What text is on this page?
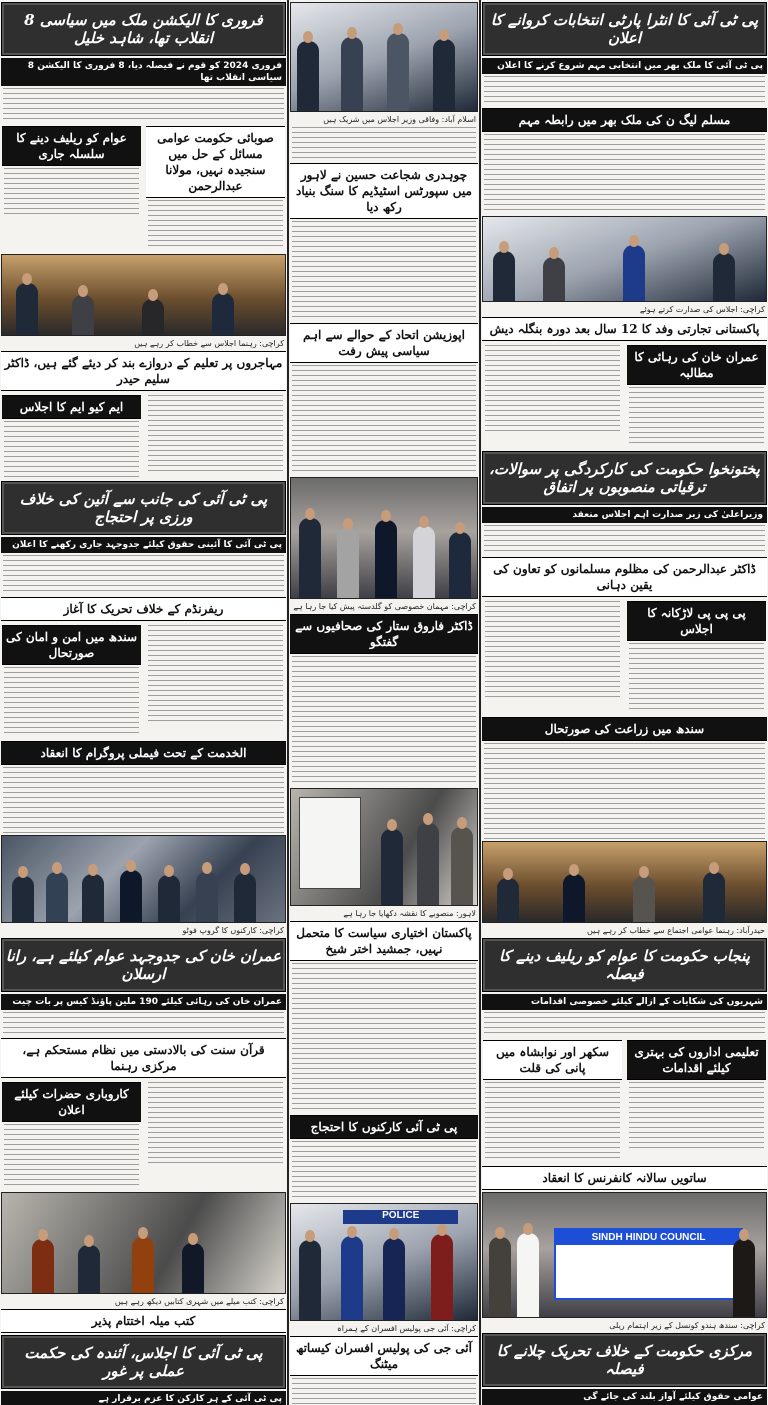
8 فروری کا الیکشن ملک میں سیاسی انقلاب تھا، شاہد خلیل
8 فروری 2024 کو قوم نے فیصلہ دیا، 8 فروری کا الیکشن سیاسی انقلاب تھا
عوام کو ریلیف دینے کا سلسلہ جاری
صوبائی حکومت عوامی مسائل کے حل میں سنجیدہ نہیں، مولانا عبدالرحمن
کراچی: رہنما اجلاس سے خطاب کر رہے ہیں
مہاجروں پر تعلیم کے دروازے بند کر دیئے گئے ہیں، ڈاکٹر سلیم حیدر
ایم کیو ایم کا اجلاس
پی ٹی آئی کی جانب سے آئین کی خلاف ورزی پر احتجاج
پی ٹی آئی کا آئینی حقوق کیلئے جدوجہد جاری رکھنے کا اعلان
ریفرنڈم کے خلاف تحریک کا آغاز
سندھ میں امن و امان کی صورتحال
الخدمت کے تحت فیملی پروگرام کا انعقاد
کراچی: کارکنوں کا گروپ فوٹو
عمران خان کی جدوجہد عوام کیلئے ہے، رانا ارسلان
عمران خان کی رہائی کیلئے 190 ملین پاؤنڈ کیس پر بات چیت
قرآن سنت کی بالادستی میں نظام مستحکم ہے، مرکزی رہنما
کاروباری حضرات کیلئے اعلان
کراچی: کتب میلے میں شہری کتابیں دیکھ رہے ہیں
کتب میلہ اختتام پذیر
پی ٹی آئی کا اجلاس، آئندہ کی حکمت عملی پر غور
پی ٹی آئی کے ہر کارکن کا عزم برقرار ہے
اسلام آباد: وفاقی وزیر اجلاس میں شریک ہیں
چوہدری شجاعت حسین نے لاہور میں سپورٹس اسٹیڈیم کا سنگ بنیاد رکھ دیا
اپوزیشن اتحاد کے حوالے سے اہم سیاسی پیش رفت
کراچی: مہمان خصوصی کو گلدستہ پیش کیا جا رہا ہے
ڈاکٹر فاروق ستار کی صحافیوں سے گفتگو
لاہور: منصوبے کا نقشہ دکھایا جا رہا ہے
پاکستان اختیاری سیاست کا متحمل نہیں، جمشید اختر شیخ
پی ٹی آئی کارکنوں کا احتجاج
POLICE
کراچی: آئی جی پولیس افسران کے ہمراہ
آئی جی کی پولیس افسران کیساتھ میٹنگ
پی ٹی آئی کا انٹرا پارٹی انتخابات کروانے کا اعلان
پی ٹی آئی کا ملک بھر میں انتخابی مہم شروع کرنے کا اعلان
مسلم لیگ ن کی ملک بھر میں رابطہ مہم
کراچی: اجلاس کی صدارت کرتے ہوئے
پاکستانی تجارتی وفد کا 12 سال بعد دورہ بنگلہ دیش
عمران خان کی رہائی کا مطالبہ
پختونخوا حکومت کی کارکردگی پر سوالات، ترقیاتی منصوبوں پر اتفاق
وزیراعلیٰ کی زیر صدارت اہم اجلاس منعقد
ڈاکٹر عبدالرحمن کی مظلوم مسلمانوں کو تعاون کی یقین دہانی
پی پی پی لاڑکانہ کا اجلاس
سندھ میں زراعت کی صورتحال
حیدرآباد: رہنما عوامی اجتماع سے خطاب کر رہے ہیں
پنجاب حکومت کا عوام کو ریلیف دینے کا فیصلہ
شہریوں کی شکایات کے ازالے کیلئے خصوصی اقدامات
سکھر اور نوابشاہ میں پانی کی قلت
تعلیمی اداروں کی بہتری کیلئے اقدامات
ساتویں سالانہ کانفرنس کا انعقاد
SINDH HINDU COUNCIL
کراچی: سندھ ہندو کونسل کے زیر اہتمام ریلی
مرکزی حکومت کے خلاف تحریک چلانے کا فیصلہ
عوامی حقوق کیلئے آواز بلند کی جائے گی
